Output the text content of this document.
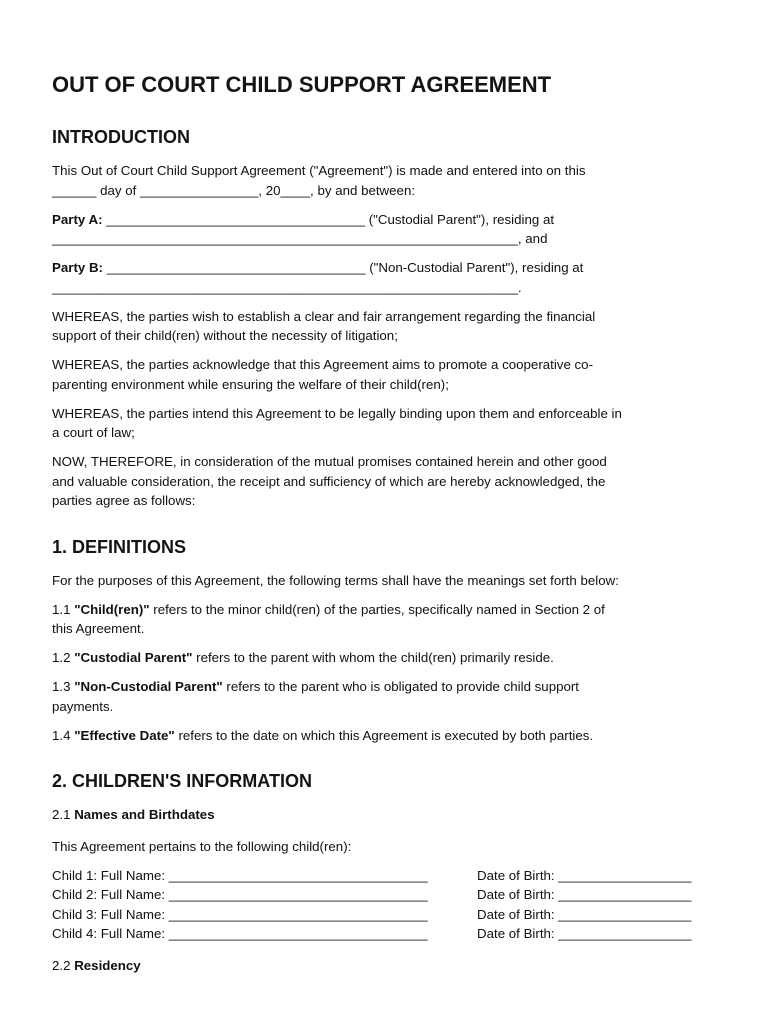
OUT OF COURT CHILD SUPPORT AGREEMENT
INTRODUCTION

This Out of Court Child Support Agreement ("Agreement") is made and entered into on this
______ day of ________________, 20____, by and between:

Party A: ___________________________________ ("Custodial Parent"), residing at
_______________________________________________________________, and

Party B: ___________________________________ ("Non-Custodial Parent"), residing at
_______________________________________________________________.

WHEREAS, the parties wish to establish a clear and fair arrangement regarding the financial
support of their child(ren) without the necessity of litigation;

WHEREAS, the parties acknowledge that this Agreement aims to promote a cooperative co-
parenting environment while ensuring the welfare of their child(ren);

WHEREAS, the parties intend this Agreement to be legally binding upon them and enforceable in
a court of law;

NOW, THEREFORE, in consideration of the mutual promises contained herein and other good
and valuable consideration, the receipt and sufficiency of which are hereby acknowledged, the
parties agree as follows:

1. DEFINITIONS

For the purposes of this Agreement, the following terms shall have the meanings set forth below:

1.1 "Child(ren)" refers to the minor child(ren) of the parties, specifically named in Section 2 of
this Agreement.

1.2 "Custodial Parent" refers to the parent with whom the child(ren) primarily reside.

1.3 "Non-Custodial Parent" refers to the parent who is obligated to provide child support
payments.

1.4 "Effective Date" refers to the date on which this Agreement is executed by both parties.

2. CHILDREN'S INFORMATION

2.1 Names and Birthdates

This Agreement pertains to the following child(ren):

Child 1: Full Name: ___________________________________	Date of Birth: __________________
Child 2: Full Name: ___________________________________	Date of Birth: __________________
Child 3: Full Name: ___________________________________	Date of Birth: __________________
Child 4: Full Name: ___________________________________	Date of Birth: __________________

2.2 Residency
